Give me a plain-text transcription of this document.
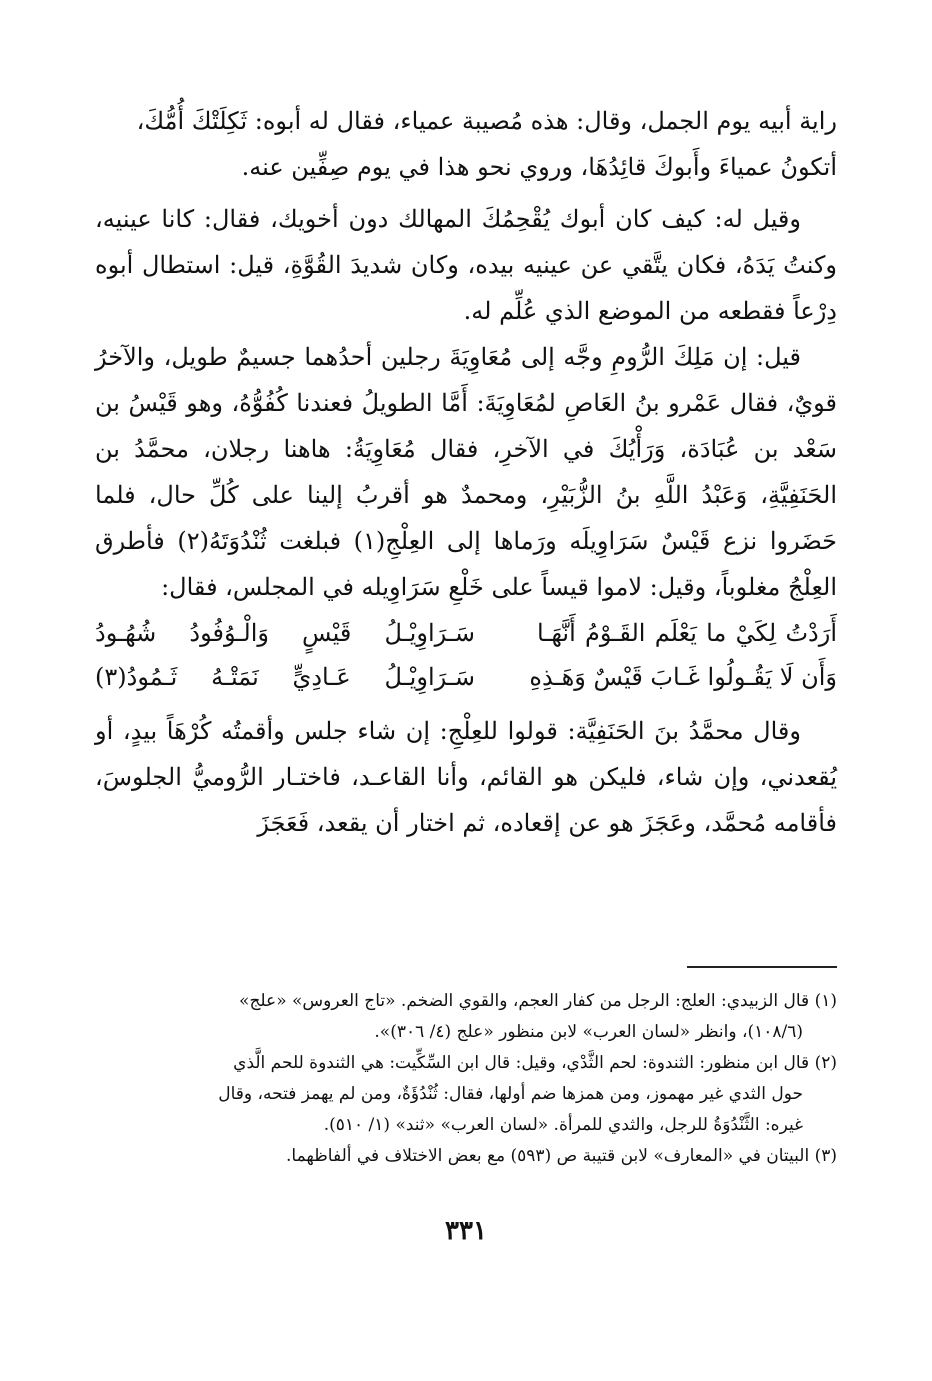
راية أبيه يوم الجمل، وقال: هذه مُصيبة عمياء، فقال له أبوه: ثَكِلَتْكَ أُمُّكَ،
أتكونُ عمياءَ وأَبوكَ قائِدُهَا، وروي نحو هذا في يوم صِفِّين عنه.

وقيل له: كيف كان أبوك يُقْحِمُكَ المهالك دون أخويك، فقال: كانا عينيه، وكنتُ يَدَهُ، فكان يتَّقي عن عينيه بيده، وكان شديدَ القُوَّةِ، قيل: استطال أبوه دِرْعاً فقطعه من الموضع الذي عُلِّم له.

قيل: إن مَلِكَ الرُّومِ وجَّه إلى مُعَاوِيَةَ رجلين أحدُهما جسيمٌ طويل، والآخرُ قويٌ، فقال عَمْرو بنُ العَاصِ لمُعَاوِيَةَ: أَمَّا الطويلُ فعندنا كُفُوُّهُ، وهو قَيْسُ بن سَعْد بن عُبَادَة، وَرَأْيُكَ في الآخرِ، فقال مُعَاوِيَةُ: هاهنا رجلان، محمَّدُ بن الحَنَفِيَّةِ، وَعَبْدُ اللَّهِ بنُ الزُّبَيْرِ، ومحمدٌ هو أقربُ إلينا على كُلِّ حال، فلما حَضَروا نزع قَيْسٌ سَرَاوِيلَه ورَماها إلى العِلْجِ(١) فبلغت ثُنْدُوَتَهُ(٢) فأطرق العِلْجُ مغلوباً، وقيل: لاموا قيساً على خَلْعِ سَرَاوِيله في المجلس، فقال:

أَرَدْتُ لِكَيْ ما يَعْلَم القَـوْمُ أَنَّهَـا
سَـرَاوِيْـلُ قَيْسٍ وَالْـوُفُودُ شُهُـودُ
وَأَن لَا يَقُـولُوا غَـابَ قَيْسٌ وَهَـذِهِ
سَـرَاوِيْـلُ عَـادِيٍّ نَمَتْـهُ ثَـمُودُ(٣)

وقال محمَّدُ بنَ الحَنَفِيَّة: قولوا للعِلْجِ: إن شاء جلس وأقمتُه كُرْهَاً بيدٍ، أو يُقعدني، وإن شاء، فليكن هو القائم، وأنا القاعـد، فاختـار الرُّوميُّ الجلوسَ، فأقامه مُحمَّد، وعَجَزَ هو عن إقعاده، ثم اختار أن يقعد، فَعَجَزَ

(١) قال الزبيدي: العلج: الرجل من كفار العجم، والقوي الضخم. «تاج العروس» «علج»

(١٠٨/٦)، وانظر «لسان العرب» لابن منظور «علج (٤/ ٣٠٦)».

(٢) قال ابن منظور: الثندوة: لحم الثَّدْي، وقيل: قال ابن السِّكِّيت: هي الثندوة للحم الَّذي

حول الثدي غير مهموز، ومن همزها ضم أولها، فقال: ثُنْدُؤَةٌ، ومن لم يهمز فتحه، وقال

غيره: الثَّنْدُوَةُ للرجل، والثدي للمرأة. «لسان العرب» «ثند» (١/ ٥١٠).

(٣) البيتان في «المعارف» لابن قتيبة ص (٥٩٣) مع بعض الاختلاف في ألفاظهما.

٣٣١
